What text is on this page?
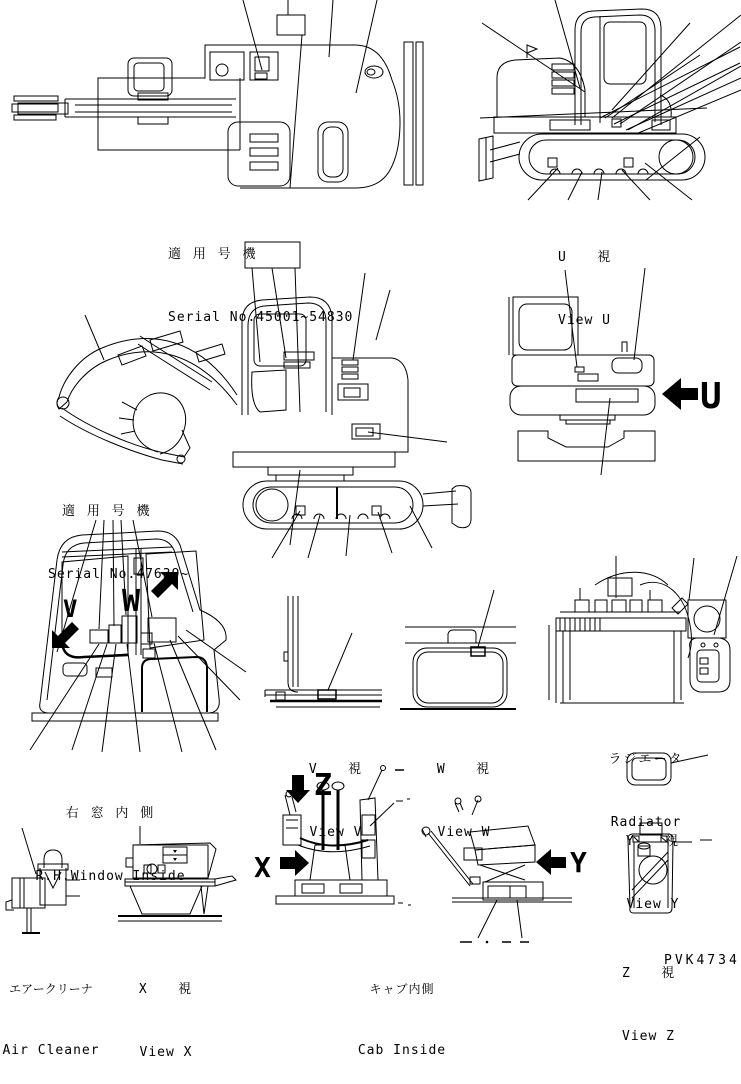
U
V W
Z
X	Y

適 用 号 機

Serial No.45001~54830

U   視

View U

適 用 号 機

Serial No.47639~

右 窓 内 側

R.H.Window Inside

V   視

View V

W   視

View W

ラジエータ

Radiator

Y   視

View Y

エアークリーナ

Air Cleaner

X   視

View X

キャブ内側

Cab Inside

Z   視

View Z

PVK4734
